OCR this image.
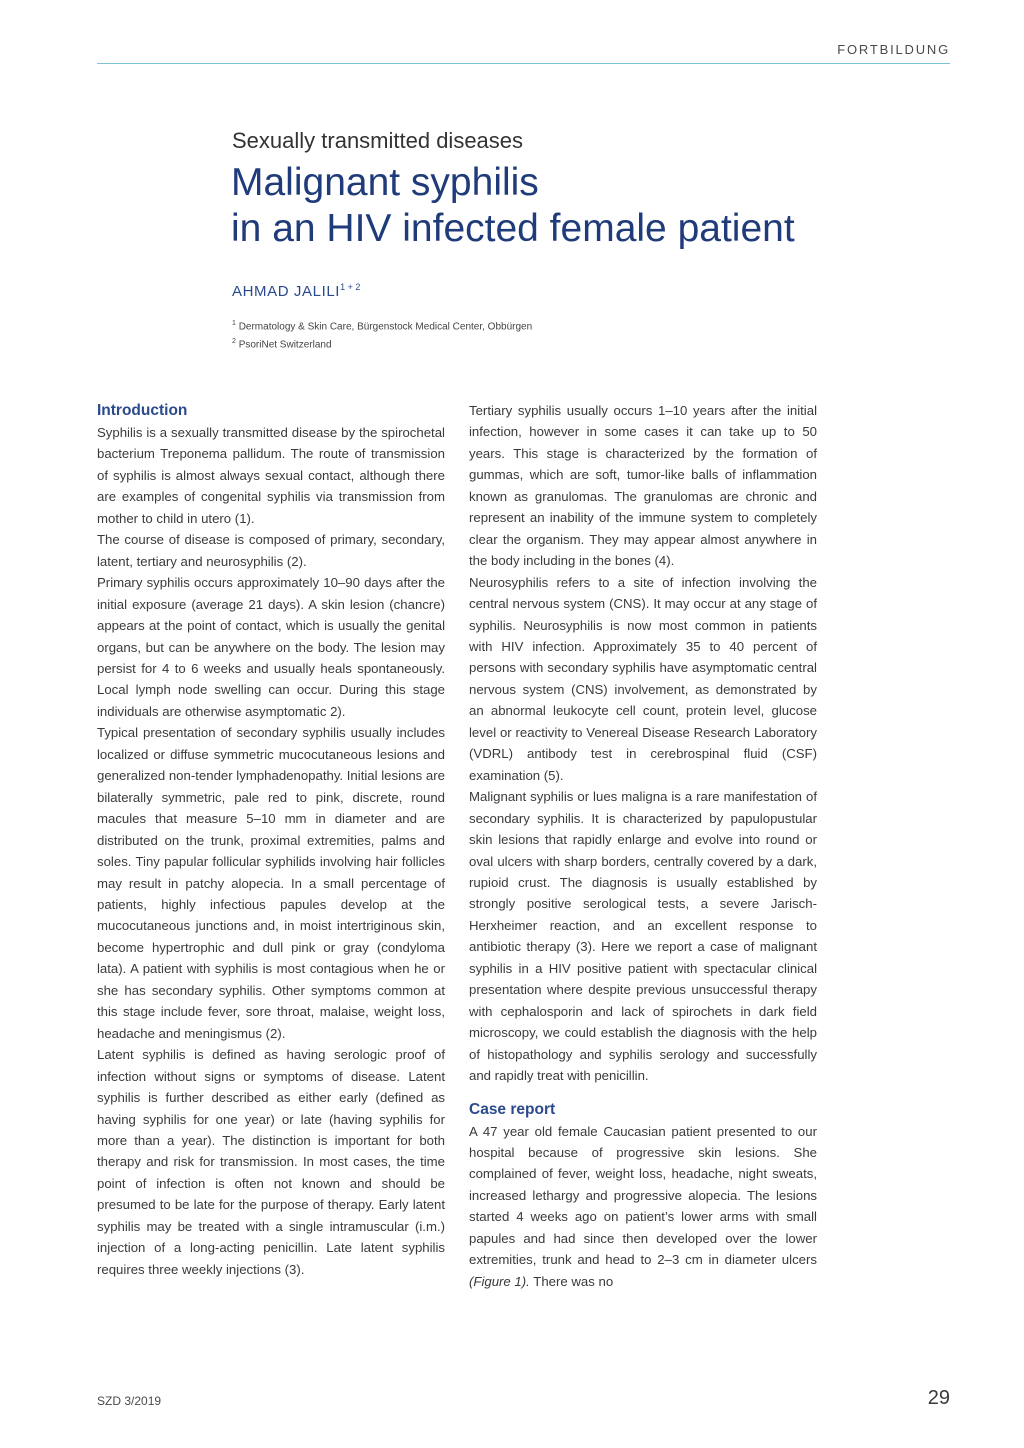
FORTBILDUNG
Sexually transmitted diseases
Malignant syphilis
in an HIV infected female patient
AHMAD $JALILI^{1 + 2}$
$^1$ Dermatology & Skin Care, Bürgenstock Medical Center, Obbürgen
$^2$ PsoriNet Switzerland
Introduction

Syphilis is a sexually transmitted disease by the spirochetal bacterium Treponema pallidum. The route of transmission of syphilis is almost always sexual contact, although there are examples of congenital syphilis via transmission from mother to child in utero (1).

The course of disease is composed of primary, secondary, latent, tertiary and neurosyphilis (2).

Primary syphilis occurs approximately 10–90 days after the initial exposure (average 21 days). A skin lesion (chancre) appears at the point of contact, which is usually the genital organs, but can be anywhere on the body. The lesion may persist for 4 to 6 weeks and usually heals spontaneously. Local lymph node swelling can occur. During this stage individuals are otherwise asymptomatic 2).

Typical presentation of secondary syphilis usually includes localized or diffuse symmetric mucocutaneous lesions and generalized non-tender lymphadenopathy. Initial lesions are bilaterally symmetric, pale red to pink, discrete, round macules that measure 5–10 mm in diameter and are distributed on the trunk, proximal extremities, palms and soles. Tiny papular follicular syphilids involving hair follicles may result in patchy alopecia. In a small percentage of patients, highly infectious papules develop at the mucocutaneous junctions and, in moist intertriginous skin, become hypertrophic and dull pink or gray (condyloma lata). A patient with syphilis is most contagious when he or she has secondary syphilis. Other symptoms common at this stage include fever, sore throat, malaise, weight loss, headache and meningismus (2).

Latent syphilis is defined as having serologic proof of infection without signs or symptoms of disease. Latent syphilis is further described as either early (defined as having syphilis for one year) or late (having syphilis for more than a year). The distinction is important for both therapy and risk for transmission. In most cases, the time point of infection is often not known and should be presumed to be late for the purpose of therapy. Early latent syphilis may be treated with a single intramuscular (i.m.) injection of a long-acting penicillin. Late latent syphilis requires three weekly injections (3).

Tertiary syphilis usually occurs 1–10 years after the initial infection, however in some cases it can take up to 50 years. This stage is characterized by the formation of gummas, which are soft, tumor-like balls of inflammation known as granulomas. The granulomas are chronic and represent an inability of the immune system to completely clear the organism. They may appear almost anywhere in the body including in the bones (4).

Neurosyphilis refers to a site of infection involving the central nervous system (CNS). It may occur at any stage of syphilis. Neurosyphilis is now most common in patients with HIV infection. Approximately 35 to 40 percent of persons with secondary syphilis have asymptomatic central nervous system (CNS) involvement, as demonstrated by an abnormal leukocyte cell count, protein level, glucose level or reactivity to Venereal Disease Research Laboratory (VDRL) antibody test in cerebrospinal fluid (CSF) examination (5).

Malignant syphilis or lues maligna is a rare manifestation of secondary syphilis. It is characterized by papulopustular skin lesions that rapidly enlarge and evolve into round or oval ulcers with sharp borders, centrally covered by a dark, rupioid crust. The diagnosis is usually established by strongly positive serological tests, a severe Jarisch-Herxheimer reaction, and an excellent response to antibiotic therapy (3). Here we report a case of malignant syphilis in a HIV positive patient with spectacular clinical presentation where despite previous unsuccessful therapy with cephalosporin and lack of spirochets in dark field microscopy, we could establish the diagnosis with the help of histopathology and syphilis serology and successfully and rapidly treat with penicillin.

Case report

A 47 year old female Caucasian patient presented to our hospital because of progressive skin lesions. She complained of fever, weight loss, headache, night sweats, increased lethargy and progressive alopecia. The lesions started 4 weeks ago on patient’s lower arms with small papules and had since then developed over the lower extremities, trunk and head to 2–3 cm in diameter ulcers (Figure 1). There was no

SZD 3/2019	29
